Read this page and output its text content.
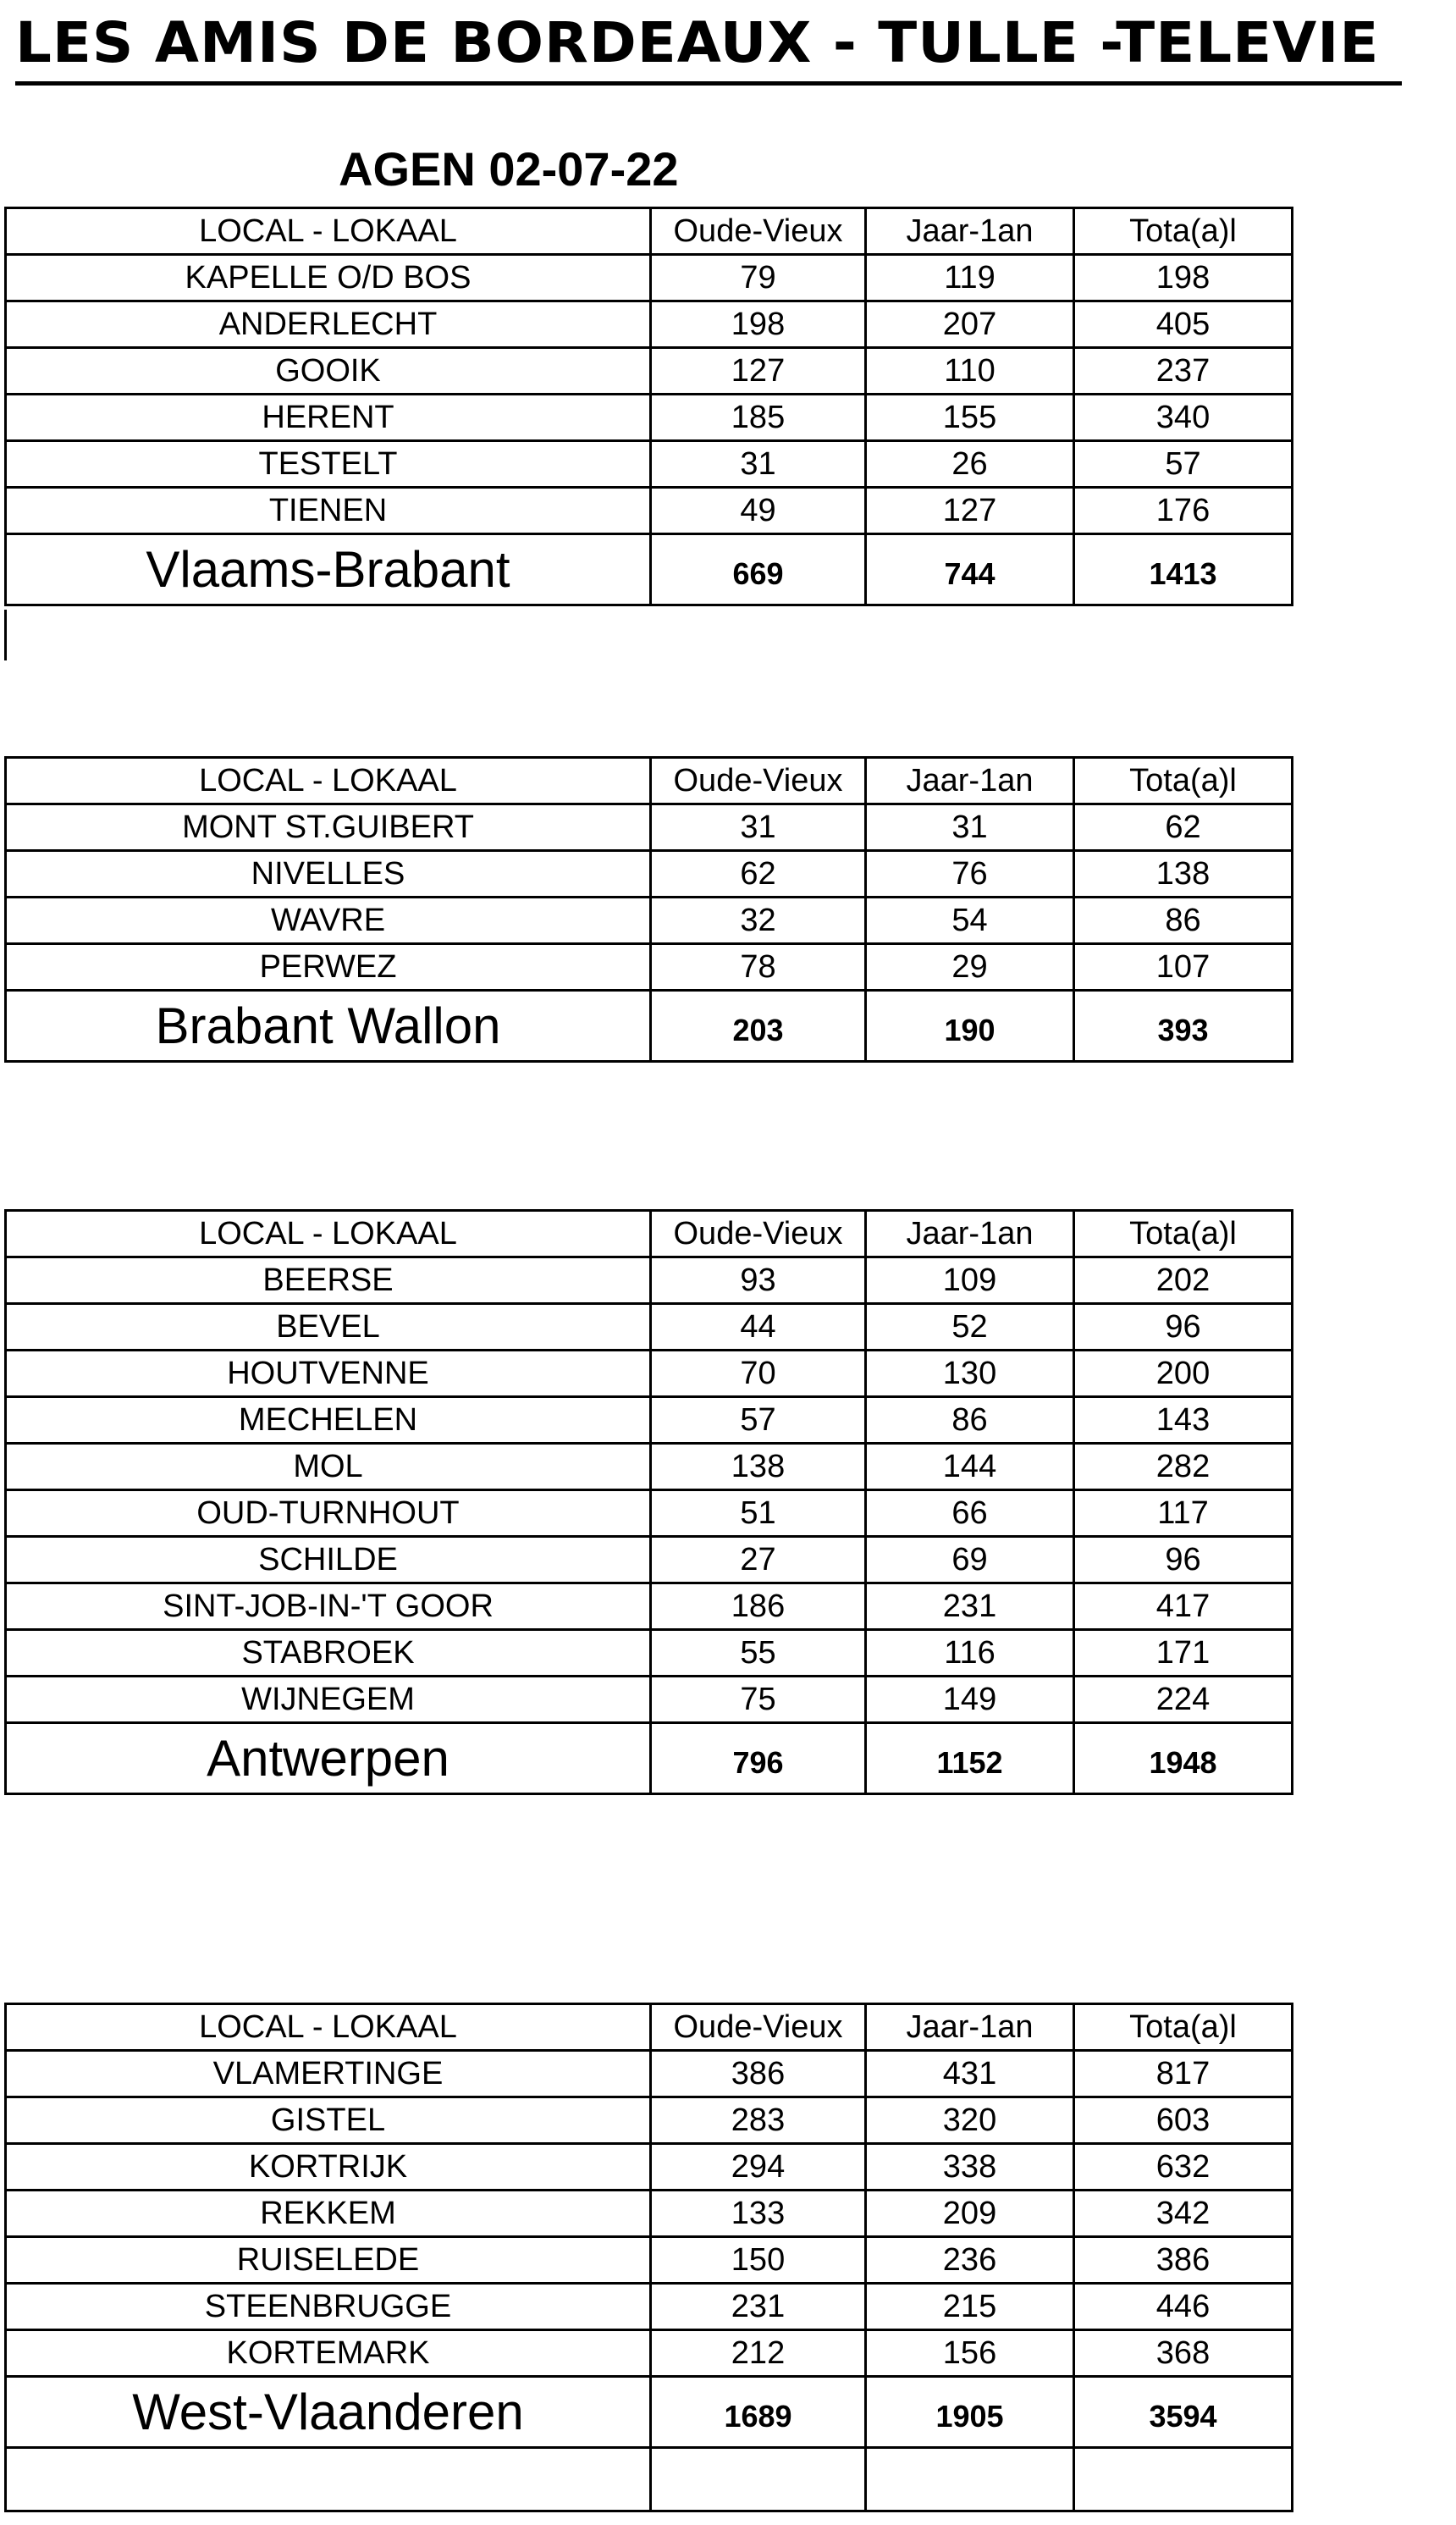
LES AMIS DE BORDEAUX - TULLE -TELEVIE
AGEN 02-07-22
LOCAL - LOKAAL	Oude-Vieux	Jaar-1an	Tota(a)l
KAPELLE O/D BOS	79	119	198
ANDERLECHT	198	207	405
GOOIK	127	110	237
HERENT	185	155	340
TESTELT	31	26	57
TIENEN	49	127	176
Vlaams-Brabant	669	744	1413
LOCAL - LOKAAL	Oude-Vieux	Jaar-1an	Tota(a)l
MONT ST.GUIBERT	31	31	62
NIVELLES	62	76	138
WAVRE	32	54	86
PERWEZ	78	29	107
Brabant Wallon	203	190	393
LOCAL - LOKAAL	Oude-Vieux	Jaar-1an	Tota(a)l
BEERSE	93	109	202
BEVEL	44	52	96
HOUTVENNE	70	130	200
MECHELEN	57	86	143
MOL	138	144	282
OUD-TURNHOUT	51	66	117
SCHILDE	27	69	96
SINT-JOB-IN-'T GOOR	186	231	417
STABROEK	55	116	171
WIJNEGEM	75	149	224
Antwerpen	796	1152	1948
LOCAL - LOKAAL	Oude-Vieux	Jaar-1an	Tota(a)l
VLAMERTINGE	386	431	817
GISTEL	283	320	603
KORTRIJK	294	338	632
REKKEM	133	209	342
RUISELEDE	150	236	386
STEENBRUGGE	231	215	446
KORTEMARK	212	156	368
West-Vlaanderen	1689	1905	3594
